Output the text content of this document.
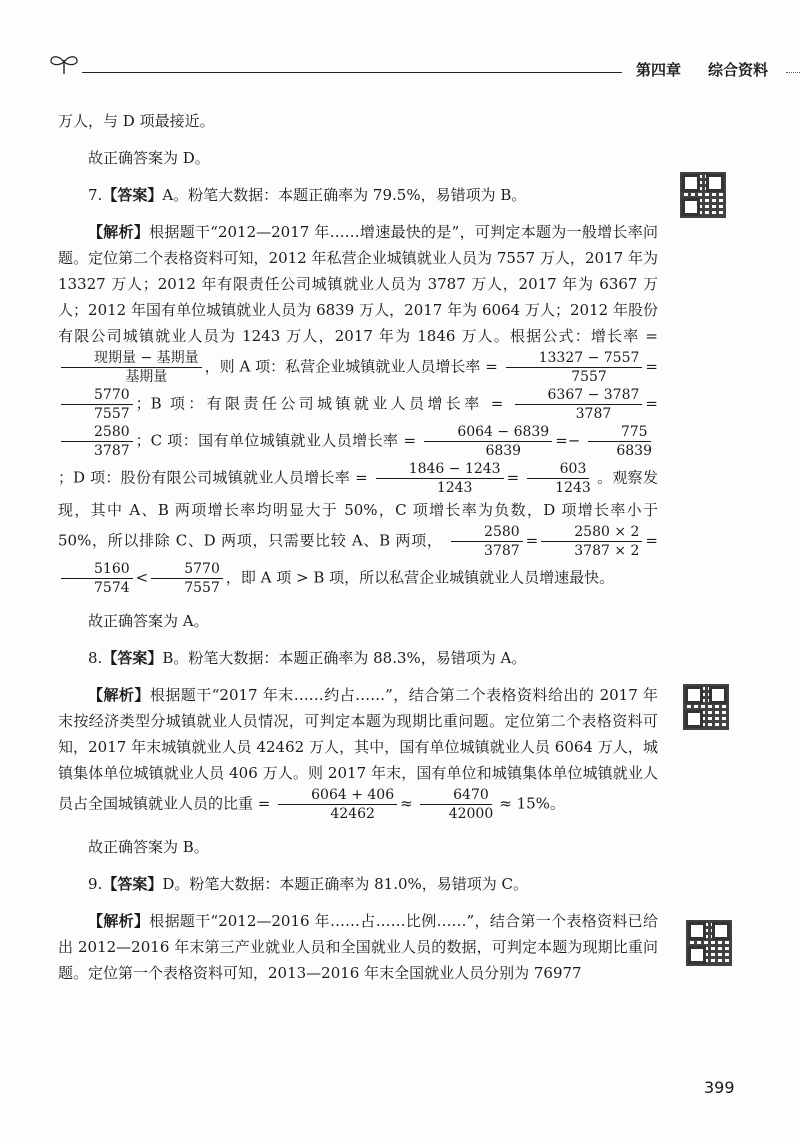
第四章 综合资料

万人，与 D 项最接近。

故正确答案为 D。

7.【答案】A。粉笔大数据：本题正确率为 79.5%，易错项为 B。

【解析】根据题干“2012—2017 年……增速最快的是”，可判定本题为一般增长率问题。定位第二个表格资料可知，2012 年私营企业城镇就业人员为 7557 万人，2017 年为 13327 万人；2012 年有限责任公司城镇就业人员为 3787 万人，2017 年为 6367 万人；2012 年国有单位城镇就业人员为 6839 万人，2017 年为 6064 万人；2012 年股份有限公司城镇就业人员为 1243 万人，2017 年为 1846 万人。根据公式：增长率 =
$\frac{\text{现期量 − 基期量}}{\text{基期量}}$ ，则 A 项：私营企业城镇就业人员增长率 = $\frac{13327 - 7557}{7557}$ =
$\frac{5770}{7557}$ ；B 项：有限责任公司城镇就业人员增长率 = $\frac{6367 - 3787}{3787}$ =
$\frac{2580}{3787}$ ；C 项：国有单位城镇就业人员增长率 = $\frac{6064 - 6839}{6839} =- \frac{775}{6839}$
；D 项：股份有限公司城镇就业人员增长率 = $\frac{1846 - 1243}{1243} = \frac{603}{1243}$ 。观察发现，其中 A、B 两项增长率均明显大于 50%，C 项增长率为负数，D 项增长率小于 50%，所以排除 C、D 两项，只需要比较 A、B 两项， $\frac{2580}{3787} = \frac{2580 \times 2}{3787 \times 2}$ =
$\frac{5160}{7574} < \frac{5770}{7557}$ ，即 A 项 > B 项，所以私营企业城镇就业人员增速最快。

故正确答案为 A。

8.【答案】B。粉笔大数据：本题正确率为 88.3%，易错项为 A。

【解析】根据题干“2017 年末……约占……”，结合第二个表格资料给出的 2017 年末按经济类型分城镇就业人员情况，可判定本题为现期比重问题。定位第二个表格资料可知，2017 年末城镇就业人员 42462 万人，其中，国有单位城镇就业人员 6064 万人，城镇集体单位城镇就业人员 406 万人。则 2017 年末，国有单位和城镇集体单位城镇就业人员占全国城镇就业人员的比重 = $\frac{6064 + 406}{42462} \approx \frac{6470}{42000} \approx 15\%$。

故正确答案为 B。

9.【答案】D。粉笔大数据：本题正确率为 81.0%，易错项为 C。

【解析】根据题干“2012—2016 年……占……比例……”，结合第一个表格资料已给出 2012—2016 年末第三产业就业人员和全国就业人员的数据，可判定本题为现期比重问题。定位第一个表格资料可知，2013—2016 年末全国就业人员分别为 76977

399
